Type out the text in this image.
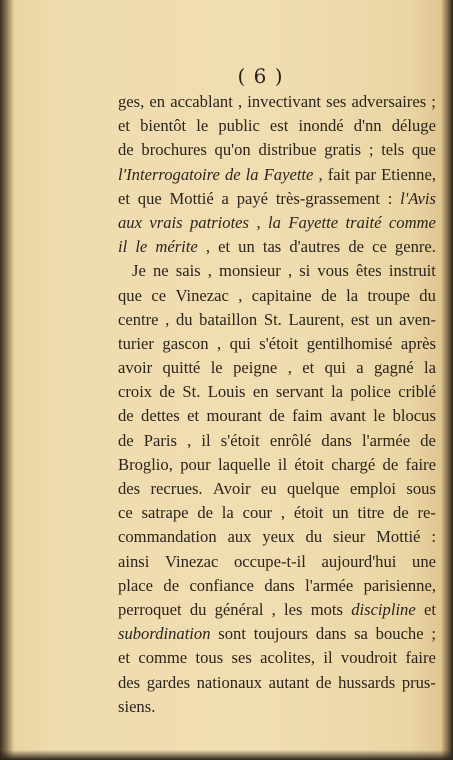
( 6 )
ges, en accablant , invectivant ses adversaires ;
et bientôt le public est inondé d'nn déluge
de brochures qu'on distribue gratis ; tels que
l'Interrogatoire de la Fayette , fait par Etienne,
et que Mottié a payé très-grassement : l'Avis
aux vrais patriotes , la Fayette traité comme
il le mérite , et un tas d'autres de ce genre.
Je ne sais , monsieur , si vous êtes instruit
que ce Vinezac , capitaine de la troupe du
centre , du bataillon St. Laurent, est un aven-
turier gascon , qui s'étoit gentilhomisé après
avoir quitté le peigne , et qui a gagné la
croix de St. Louis en servant la police criblé
de dettes et mourant de faim avant le blocus
de Paris , il s'étoit enrôlé dans l'armée de
Broglio, pour laquelle il étoit chargé de faire
des recrues. Avoir eu quelque emploi sous
ce satrape de la cour , étoit un titre de re-
commandation aux yeux du sieur Mottié :
ainsi Vinezac occupe-t-il aujourd'hui une
place de confiance dans l'armée parisienne,
perroquet du général , les mots discipline et
subordination sont toujours dans sa bouche ;
et comme tous ses acolites, il voudroit faire
des gardes nationaux autant de hussards prus-
siens.
